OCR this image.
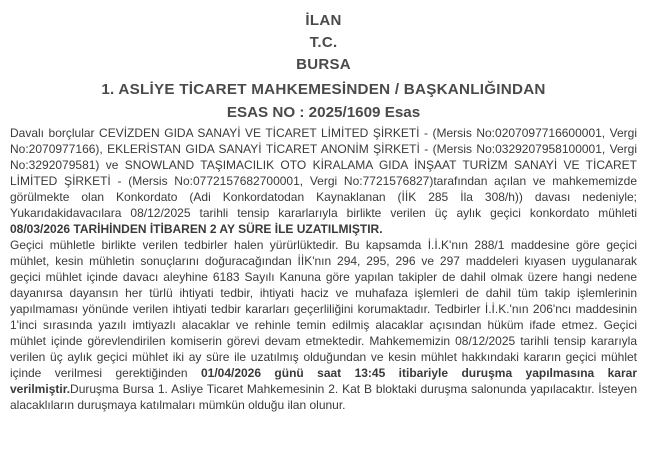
İLAN
T.C.
BURSA
1. ASLİYE TİCARET MAHKEMESİNDEN / BAŞKANLIĞINDAN
ESAS NO : 2025/1609 Esas

Davalı borçlular CEVİZDEN GIDA SANAYİ VE TİCARET LİMİTED ŞİRKETİ - (Mersis No:0207097716600001, Vergi No:2070977166), EKLERİSTAN GIDA SANAYİ TİCARET ANONİM ŞİRKETİ - (Mersis No:0329207958100001, Vergi No:3292079581) ve SNOWLAND TAŞIMACILIK OTO KİRALAMA GIDA İNŞAAT TURİZM SANAYİ VE TİCARET LİMİTED ŞİRKETİ - (Mersis No:0772157682700001, Vergi No:7721576827)tarafından açılan ve mahkememizde görülmekte olan Konkordato (Adi Konkordatodan Kaynaklanan (İİK 285 İla 308/h)) davası nedeniyle; Yukarıdakidavacılara 08/12/2025 tarihli tensip kararlarıyla birlikte verilen üç aylık geçici konkordato mühleti 08/03/2026 TARİHİNDEN İTİBAREN 2 AY SÜRE İLE UZATILMIŞTIR.

Geçici mühletle birlikte verilen tedbirler halen yürürlüktedir. Bu kapsamda İ.İ.K'nın 288/1 maddesine göre geçici mühlet, kesin mühletin sonuçlarını doğuracağından İİK'nın 294, 295, 296 ve 297 maddeleri kıyasen uygulanarak geçici mühlet içinde davacı aleyhine 6183 Sayılı Kanuna göre yapılan takipler de dahil olmak üzere hangi nedene dayanırsa dayansın her türlü ihtiyati tedbir, ihtiyati haciz ve muhafaza işlemleri de dahil tüm takip işlemlerinin yapılmaması yönünde verilen ihtiyati tedbir kararları geçerliliğini korumaktadır. Tedbirler İ.İ.K.'nın 206'ncı maddesinin 1'inci sırasında yazılı imtiyazlı alacaklar ve rehinle temin edilmiş alacaklar açısından hüküm ifade etmez. Geçici mühlet içinde görevlendirilen komiserin görevi devam etmektedir. Mahkememizin 08/12/2025 tarihli tensip kararıyla verilen üç aylık geçici mühlet iki ay süre ile uzatılmış olduğundan ve kesin mühlet hakkındaki kararın geçici mühlet içinde verilmesi gerektiğinden 01/04/2026 günü saat 13:45 itibariyle duruşma yapılmasına karar verilmiştir.Duruşma Bursa 1. Asliye Ticaret Mahkemesinin 2. Kat B bloktaki duruşma salonunda yapılacaktır. İsteyen alacaklıların duruşmaya katılmaları mümkün olduğu ilan olunur.
